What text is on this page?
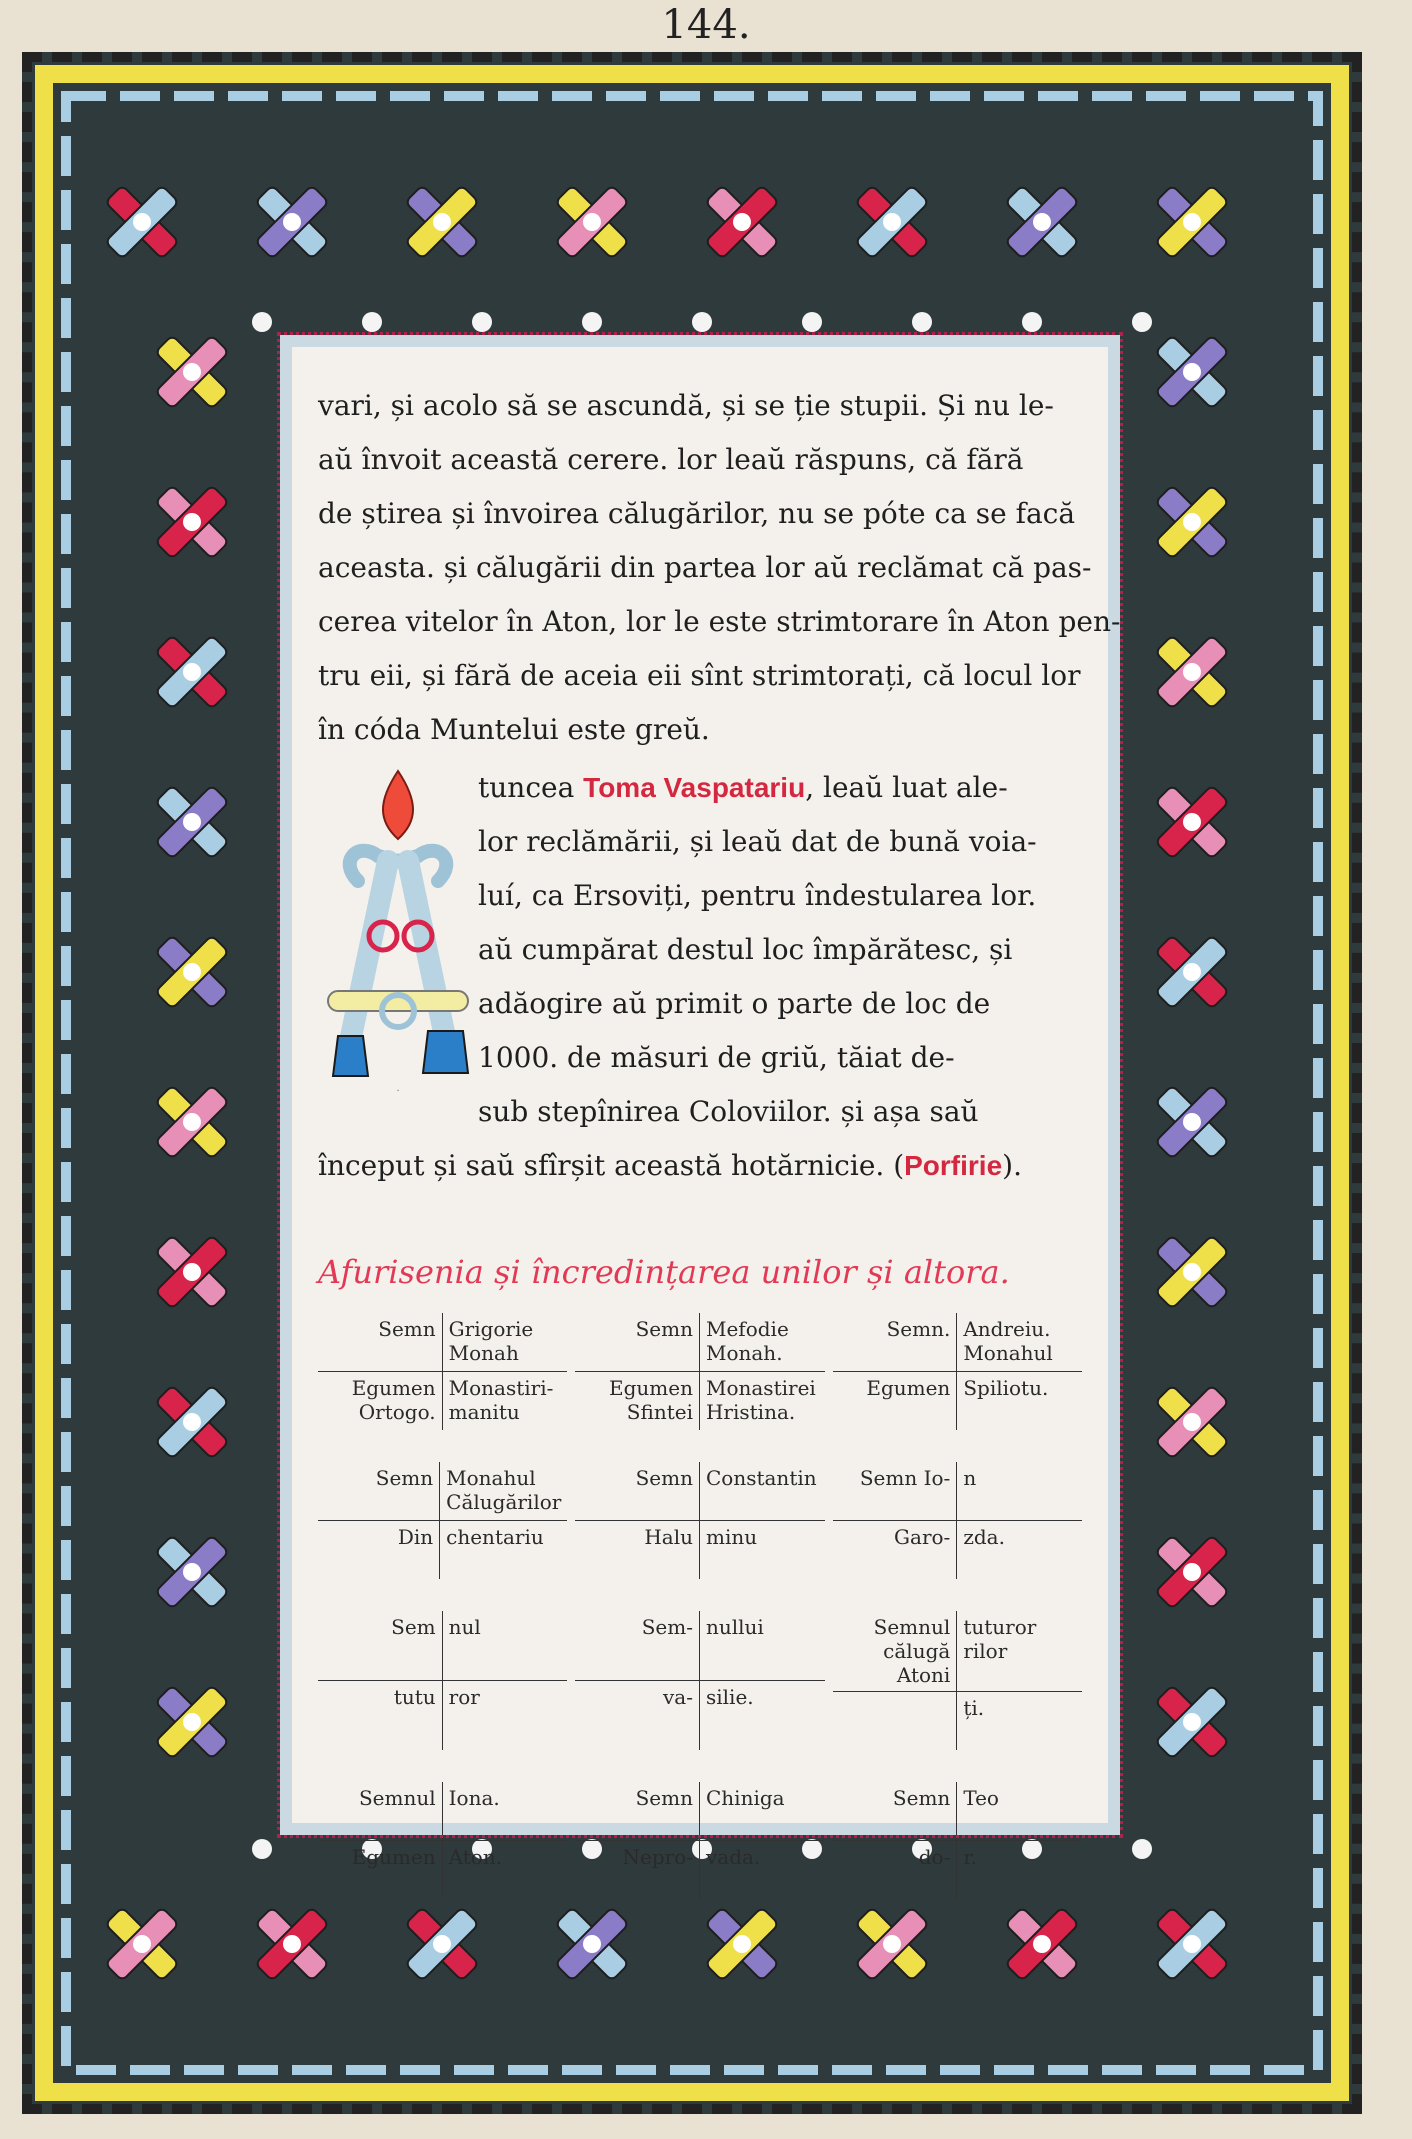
144.

vari, și acolo să se ascundă, și se ție stupii. Și nu le-
aŭ învoit această cerere. lor leaŭ răspuns, că fără
de știrea și învoirea călugărilor, nu se póte ca se facă
aceasta. și călugării din partea lor aŭ reclămat că pas-
cerea vitelor în Aton, lor le este strimtorare în Aton pen-
tru eii, și fără de aceia eii sînt strimtorați, că locul lor
în códa Muntelui este greŭ.

A
tuncea Toma Vaspatariu, leaŭ luat ale-
lor reclămării, și leaŭ dat de bună voia-
luí, ca Ersoviți, pentru îndestularea lor.
aŭ cumpărat destul loc împărătesc, și
adăogire aŭ primit o parte de loc de
1000. de măsuri de griŭ, tăiat de-
sub stepînirea Coloviilor. și așa saŭ

început și saŭ sfîrșit această hotărnicie. (Porfirie).

Afurisenia și încredințarea unilor și altora.
Semn Grigorie Monah
Egumen Ortogo.
Monastiri-manitu
Semn Mefodie Monah.
Egumen Sfintei
Monastirei Hristina.
Semn. Andreiu. Monahul
Egumen Spiliotu.
Semn Monahul Călugărilor
Din chentariu
Semn Constantin
Halu minu
Semn Io- n
Garo- zda.
Sem nul
tutu ror
Sem- nullui
va- silie.
Semnul călugă Atoni
tuturor rilor
ți.
Semnul Iona.
Egumen Aton.
Semn Chiniga
Nepro- vada.
Semn Teo
do- r.
